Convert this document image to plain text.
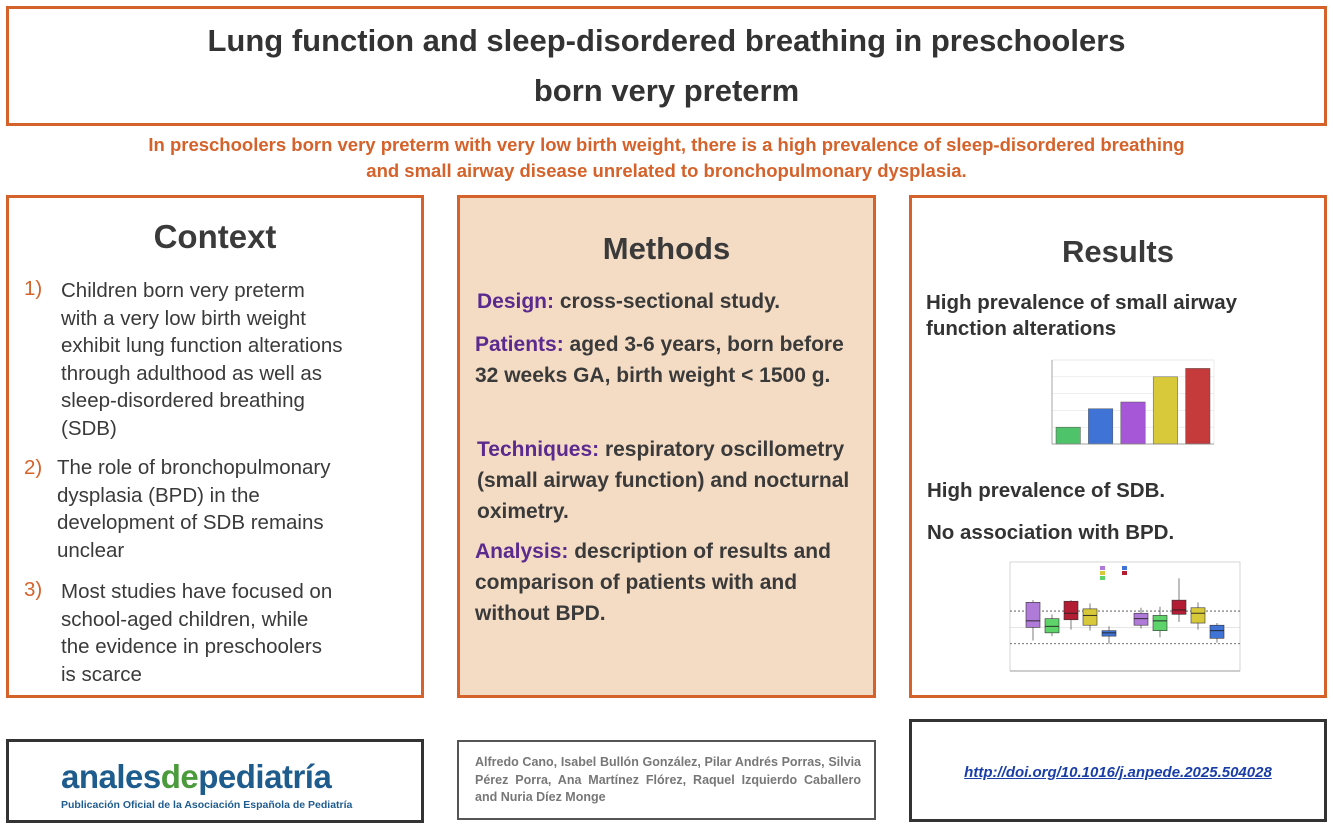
Lung function and sleep-disordered breathing in preschoolers
born very preterm
In preschoolers born very preterm with very low birth weight, there is a high prevalence of sleep-disordered breathing
and small airway disease unrelated to bronchopulmonary dysplasia.
Context
1) Children born very preterm
with a very low birth weight
exhibit lung function alterations
through adulthood as well as
sleep-disordered breathing
(SDB)
2) The role of bronchopulmonary
dysplasia (BPD) in the
development of SDB remains
unclear
3) Most studies have focused on
school-aged children, while
the evidence in preschoolers
is scarce
Methods
Design: cross-sectional study.
Patients: aged 3-6 years, born before 32 weeks GA, birth weight < 1500 g.
Techniques: respiratory oscillometry (small airway function) and nocturnal oximetry.
Analysis: description of results and comparison of patients with and without BPD.
Results
High prevalence of small airway
function alterations
High prevalence of SDB.
No association with BPD.
analesdepediatría
Publicación Oficial de la Asociación Española de Pediatría
Alfredo Cano, Isabel Bullón González, Pilar Andrés Porras, Silvia Pérez Porra, Ana Martínez Flórez, Raquel Izquierdo Caballero and Nuria Díez Monge
http://doi.org/10.1016/j.anpede.2025.504028
